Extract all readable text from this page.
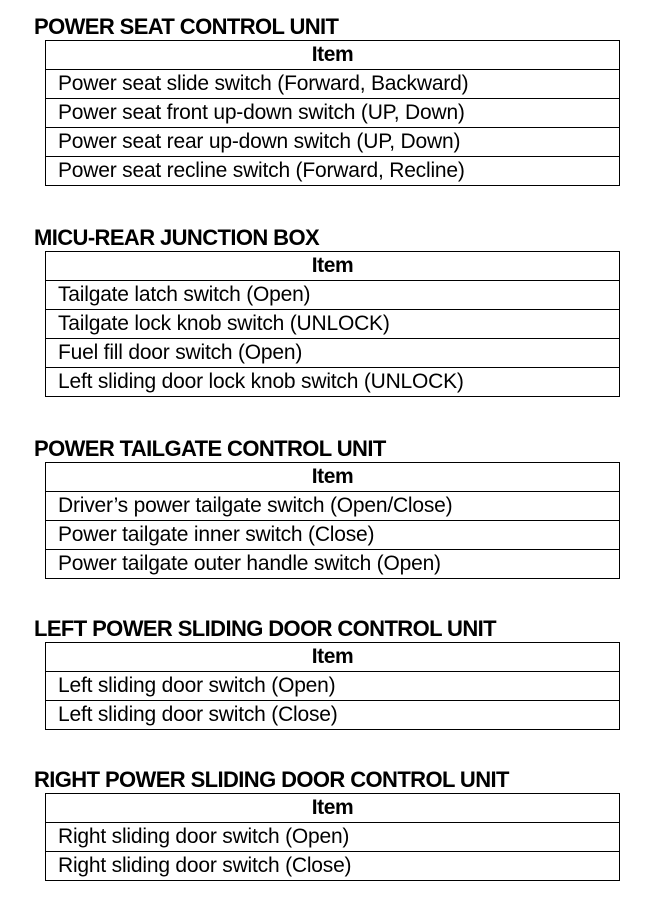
POWER SEAT CONTROL UNIT
Item
Power seat slide switch (Forward, Backward)
Power seat front up-down switch (UP, Down)
Power seat rear up-down switch (UP, Down)
Power seat recline switch (Forward, Recline)
MICU-REAR JUNCTION BOX
Item
Tailgate latch switch (Open)
Tailgate lock knob switch (UNLOCK)
Fuel fill door switch (Open)
Left sliding door lock knob switch (UNLOCK)
POWER TAILGATE CONTROL UNIT
Item
Driver’s power tailgate switch (Open/Close)
Power tailgate inner switch (Close)
Power tailgate outer handle switch (Open)
LEFT POWER SLIDING DOOR CONTROL UNIT
Item
Left sliding door switch (Open)
Left sliding door switch (Close)
RIGHT POWER SLIDING DOOR CONTROL UNIT
Item
Right sliding door switch (Open)
Right sliding door switch (Close)
